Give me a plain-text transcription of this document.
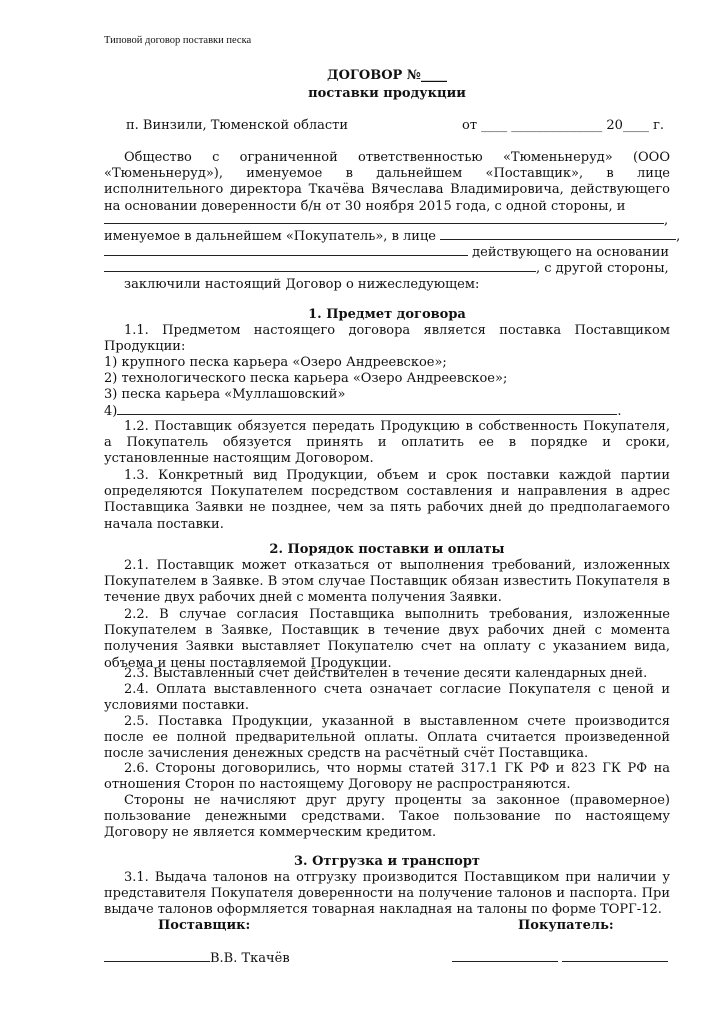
Типовой договор поставки песка
ДОГОВОР №____
поставки продукции
п. Винзили, Тюменской области	от ____ ______________ 20____ г.
Общество с ограниченной ответственностью «Тюменьнеруд» (ООО «Тюменьнеруд»), именуемое в дальнейшем «Поставщик», в лице исполнительного директора Ткачёва Вячеслава Владимировича, действующего на основании доверенности б/н от 30 ноября 2015 года, с одной стороны, и
,
именуемое в дальнейшем «Покупатель», в лице	,
действующего на основании
, с другой стороны,
заключили настоящий Договор о нижеследующем:
1. Предмет договора
1.1. Предметом настоящего договора является поставка Поставщиком Продукции:
1) крупного песка карьера «Озеро Андреевское»;
2) технологического песка карьера «Озеро Андреевское»;
3) песка карьера «Муллашовский»
4)	.
1.2. Поставщик обязуется передать Продукцию в собственность Покупателя, а Покупатель обязуется принять и оплатить ее в порядке и сроки, установленные настоящим Договором.
1.3. Конкретный вид Продукции, объем и срок поставки каждой партии определяются Покупателем посредством составления и направления в адрес Поставщика Заявки не позднее, чем за пять рабочих дней до предполагаемого начала поставки.
2. Порядок поставки и оплаты
2.1. Поставщик может отказаться от выполнения требований, изложенных Покупателем в Заявке. В этом случае Поставщик обязан известить Покупателя в течение двух рабочих дней с момента получения Заявки.
2.2. В случае согласия Поставщика выполнить требования, изложенные Покупателем в Заявке, Поставщик в течение двух рабочих дней с момента получения Заявки выставляет Покупателю счет на оплату с указанием вида, объема и цены поставляемой Продукции.
2.3. Выставленный счет действителен в течение десяти календарных дней.
2.4. Оплата выставленного счета означает согласие Покупателя с ценой и условиями поставки.
2.5. Поставка Продукции, указанной в выставленном счете производится после ее полной предварительной оплаты. Оплата считается произведенной после зачисления денежных средств на расчётный счёт Поставщика.
2.6. Стороны договорились, что нормы статей 317.1 ГК РФ и 823 ГК РФ на отношения Сторон по настоящему Договору не распространяются.
Стороны не начисляют друг другу проценты за законное (правомерное) пользование денежными средствами. Такое пользование по настоящему Договору не является коммерческим кредитом.
3. Отгрузка и транспорт
3.1. Выдача талонов на отгрузку производится Поставщиком при наличии у представителя Покупателя доверенности на получение талонов и паспорта. При выдаче талонов оформляется товарная накладная на талоны по форме ТОРГ-12.
Поставщик:	Покупатель:
В.В. Ткачёв
